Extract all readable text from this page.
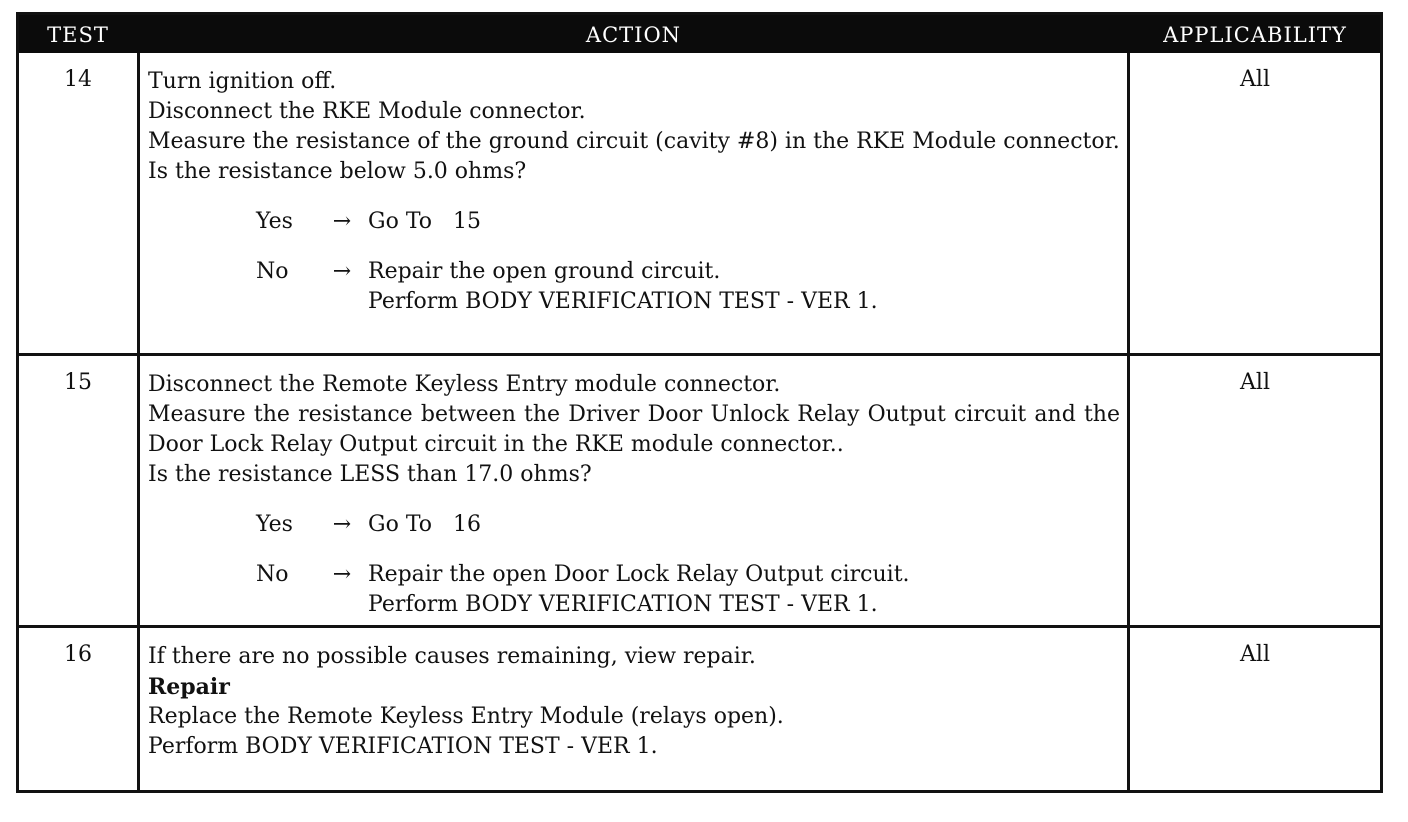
TEST	ACTION	APPLICABILITY
14	Turn ignition off.

Disconnect the RKE Module connector.

Measure the resistance of the ground circuit (cavity #8) in the RKE Module connector.

Is the resistance below 5.0 ohms?

Yes	→ Go To   15
No	→ Repair the open ground circuit.
Perform BODY VERIFICATION TEST - VER 1.
All
15	Disconnect the Remote Keyless Entry module connector.

Measure the resistance between the Driver Door Unlock Relay Output circuit and the Door Lock Relay Output circuit in the RKE module connector..

Is the resistance LESS than 17.0 ohms?

Yes	→ Go To   16
No	→ Repair the open Door Lock Relay Output circuit.
Perform BODY VERIFICATION TEST - VER 1.
All
16	If there are no possible causes remaining, view repair.

Repair

Replace the Remote Keyless Entry Module (relays open).

Perform BODY VERIFICATION TEST - VER 1.

All
